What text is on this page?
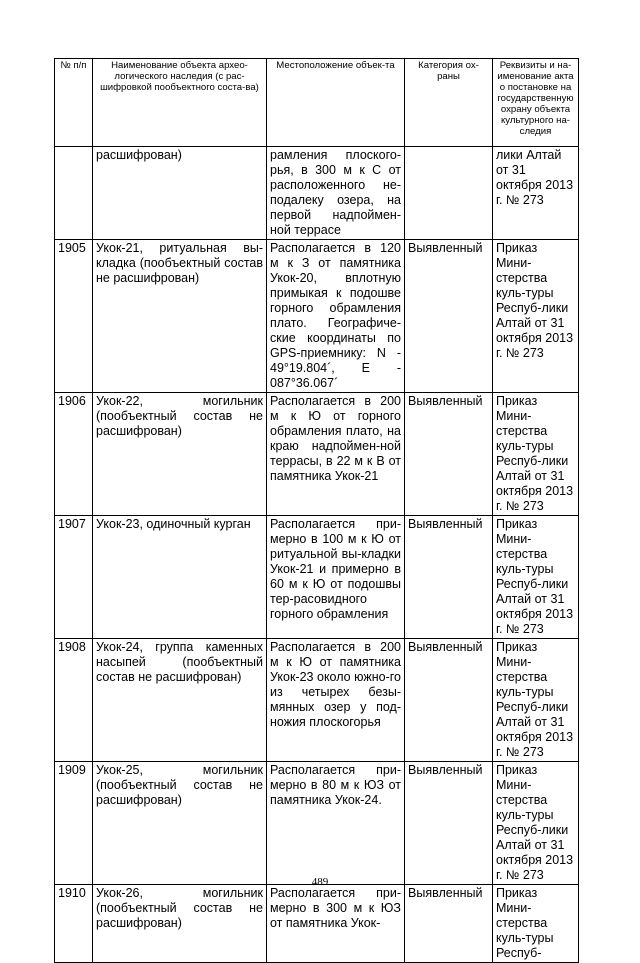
№ п/п	Наименование объекта архео-логического наследия (с рас-шифровкой пообъектного соста-ва)	Местоположение объек-та	Категория ох-раны	Реквизиты и на-именование акта о постановке на государственную охрану объекта культурного на-следия
	расшифрован)	рамления плоского-рья, в 300 м к С от расположенного не-подалеку озера, на первой надпоймен-ной террасе		лики Алтай от 31 октября 2013 г. № 273
1905	Укок-21, ритуальная вы-кладка (пообъектный состав не расшифрован)	Располагается в 120 м к З от памятника Укок-20, вплотную примыкая к подошве горного обрамления плато. Географиче-ские координаты по GPS-приемнику: N - 49°19.804´, E - 087°36.067´	Выявленный	Приказ Мини-стерства куль-туры Респуб-лики Алтай от 31 октября 2013 г. № 273
1906	Укок-22, могильник (пообъектный состав не расшифрован)	Располагается в 200 м к Ю от горного обрамления плато, на краю надпоймен-ной террасы, в 22 м к В от памятника Укок-21	Выявленный	Приказ Мини-стерства куль-туры Респуб-лики Алтай от 31 октября 2013 г. № 273
1907	Укок-23, одиночный курган	Располагается при-мерно в 100 м к Ю от ритуальной вы-кладки Укок-21 и примерно в 60 м к Ю от подошвы тер-расовидного горного обрамления	Выявленный	Приказ Мини-стерства куль-туры Респуб-лики Алтай от 31 октября 2013 г. № 273
1908	Укок-24, группа каменных насыпей (пообъектный состав не расшифрован)	Располагается в 200 м к Ю от памятника Укок-23 около южно-го из четырех безы-мянных озер у под-ножия плоскогорья	Выявленный	Приказ Мини-стерства куль-туры Респуб-лики Алтай от 31 октября 2013 г. № 273
1909	Укок-25, могильник (пообъектный состав не расшифрован)	Располагается при-мерно в 80 м к ЮЗ от памятника Укок-24.	Выявленный	Приказ Мини-стерства куль-туры Респуб-лики Алтай от 31 октября 2013 г. № 273
1910	Укок-26, могильник (пообъектный состав не расшифрован)	Располагается при-мерно в 300 м к ЮЗ от памятника Укок-	Выявленный	Приказ Мини-стерства куль-туры Респуб-
489
